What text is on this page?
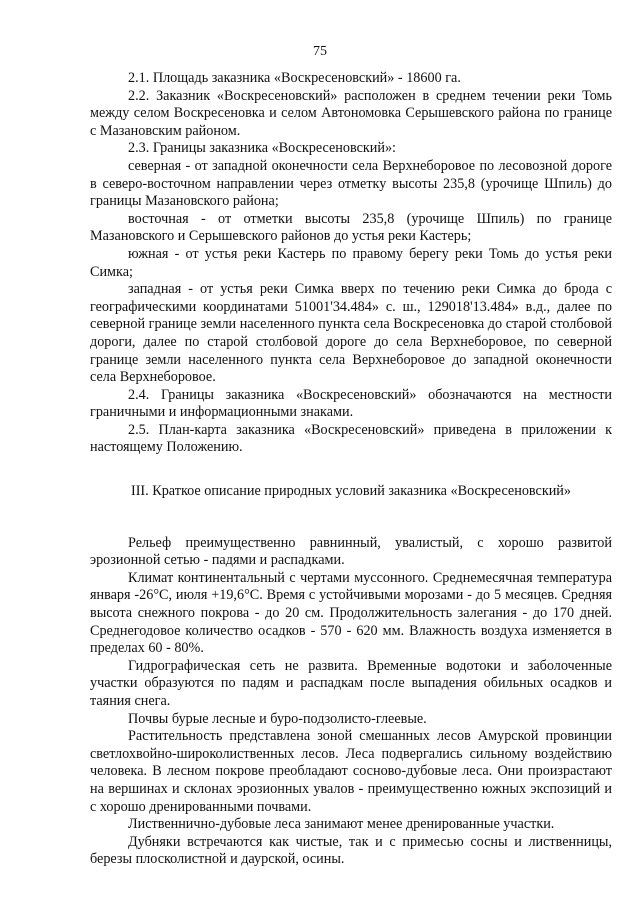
75

2.1. Площадь заказника «Воскресеновский» - 18600 га.

2.2. Заказник «Воскресеновский» расположен в среднем течении реки Томь между селом Воскресеновка и селом Автономовка Серышевского района по границе с Мазановским районом.

2.3. Границы заказника «Воскресеновский»:

северная - от западной оконечности села Верхнеборовое по лесовозной дороге в северо-восточном направлении через отметку высоты 235,8 (урочище Шпиль) до границы Мазановского района;

восточная - от отметки высоты 235,8 (урочище Шпиль) по границе Мазановского и Серышевского районов до устья реки Кастерь;

южная - от устья реки Кастерь по правому берегу реки Томь до устья реки Симка;

западная - от устья реки Симка вверх по течению реки Симка до брода с географическими координатами 51001'34.484» с. ш., 129018'13.484» в.д., далее по северной границе земли населенного пункта села Воскресеновка до старой столбовой дороги, далее по старой столбовой дороге до села Верхнеборовое, по северной границе земли населенного пункта села Верхнеборовое до западной оконечности села Верхнеборовое.

2.4. Границы заказника «Воскресеновский» обозначаются на местности граничными и информационными знаками.

2.5. План-карта заказника «Воскресеновский» приведена в приложении к настоящему Положению.

III. Краткое описание природных условий заказника «Воскресеновский»

Рельеф преимущественно равнинный, увалистый, с хорошо развитой эрозионной сетью - падями и распадками.

Климат континентальный с чертами муссонного. Среднемесячная температура января -26°С, июля +19,6°С. Время с устойчивыми морозами - до 5 месяцев. Средняя высота снежного покрова - до 20 см. Продолжительность залегания - до 170 дней. Среднегодовое количество осадков - 570 - 620 мм. Влажность воздуха изменяется в пределах 60 - 80%.

Гидрографическая сеть не развита. Временные водотоки и заболоченные участки образуются по падям и распадкам после выпадения обильных осадков и таяния снега.

Почвы бурые лесные и буро-подзолисто-глеевые.

Растительность представлена зоной смешанных лесов Амурской провинции светлохвойно-широколиственных лесов. Леса подвергались сильному воздействию человека. В лесном покрове преобладают сосново-дубовые леса. Они произрастают на вершинах и склонах эрозионных увалов - преимущественно южных экспозиций и с хорошо дренированными почвами.

Лиственнично-дубовые леса занимают менее дренированные участки.

Дубняки встречаются как чистые, так и с примесью сосны и лиственницы, березы плосколистной и даурской, осины.
